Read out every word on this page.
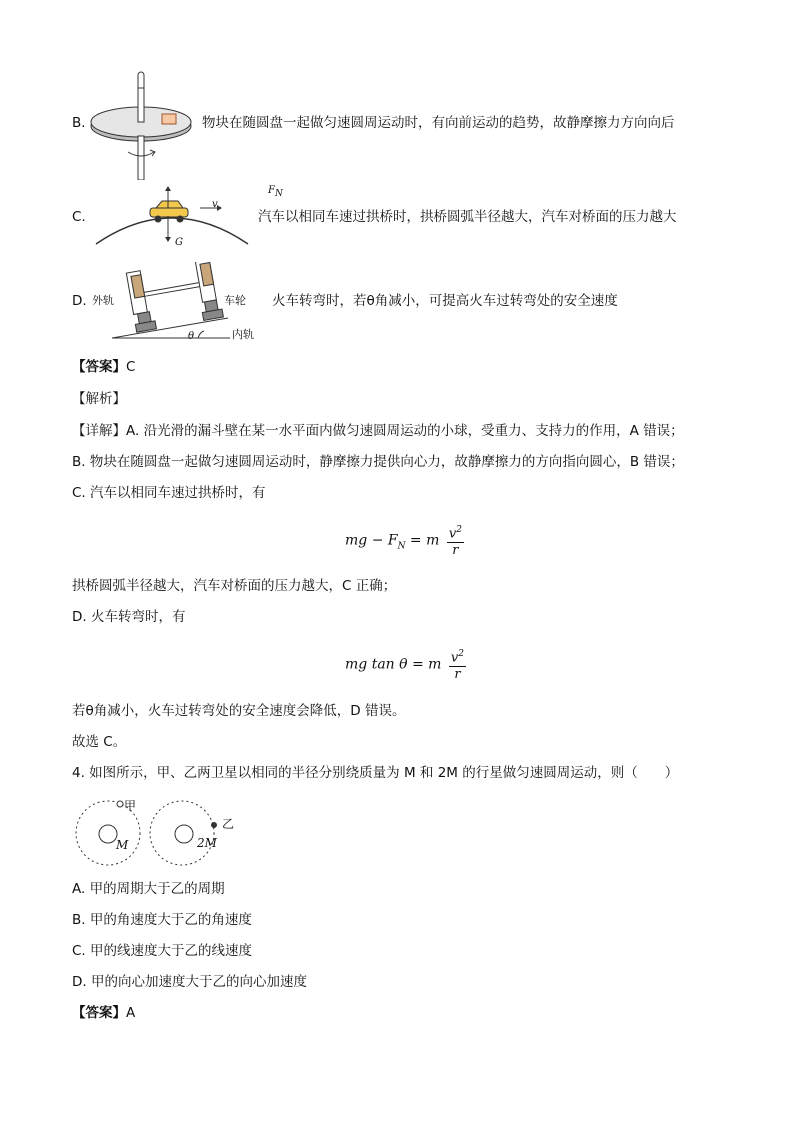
B.	物块在随圆盘一起做匀速圆周运动时，有向前运动的趋势，故静摩擦力方向向后
C.
$F_N$
v
G
汽车以相同车速过拱桥时，拱桥圆弧半径越大，汽车对桥面的压力越大
D. 外轨	车轮
内轨
θ
火车转弯时，若θ角减小，可提高火车过转弯处的安全速度
【答案】C
【解析】
【详解】A. 沿光滑的漏斗壁在某一水平面内做匀速圆周运动的小球，受重力、支持力的作用，A 错误；
B. 物块在随圆盘一起做匀速圆周运动时，静摩擦力提供向心力，故静摩擦力的方向指向圆心，B 错误；
C. 汽车以相同车速过拱桥时，有
mg − $F_N = m \frac{v^2}{r}$
拱桥圆弧半径越大，汽车对桥面的压力越大，C 正确；
D. 火车转弯时，有
mg tan θ = m $\frac{v^2}{r}$
若θ角减小，火车过转弯处的安全速度会降低，D 错误。
故选 C。
4. 如图所示，甲、乙两卫星以相同的半径分别绕质量为 M 和 2M 的行星做匀速圆周运动，则（　　）
甲
乙
M	2M
A. 甲的周期大于乙的周期
B. 甲的角速度大于乙的角速度
C. 甲的线速度大于乙的线速度
D. 甲的向心加速度大于乙的向心加速度
【答案】A
